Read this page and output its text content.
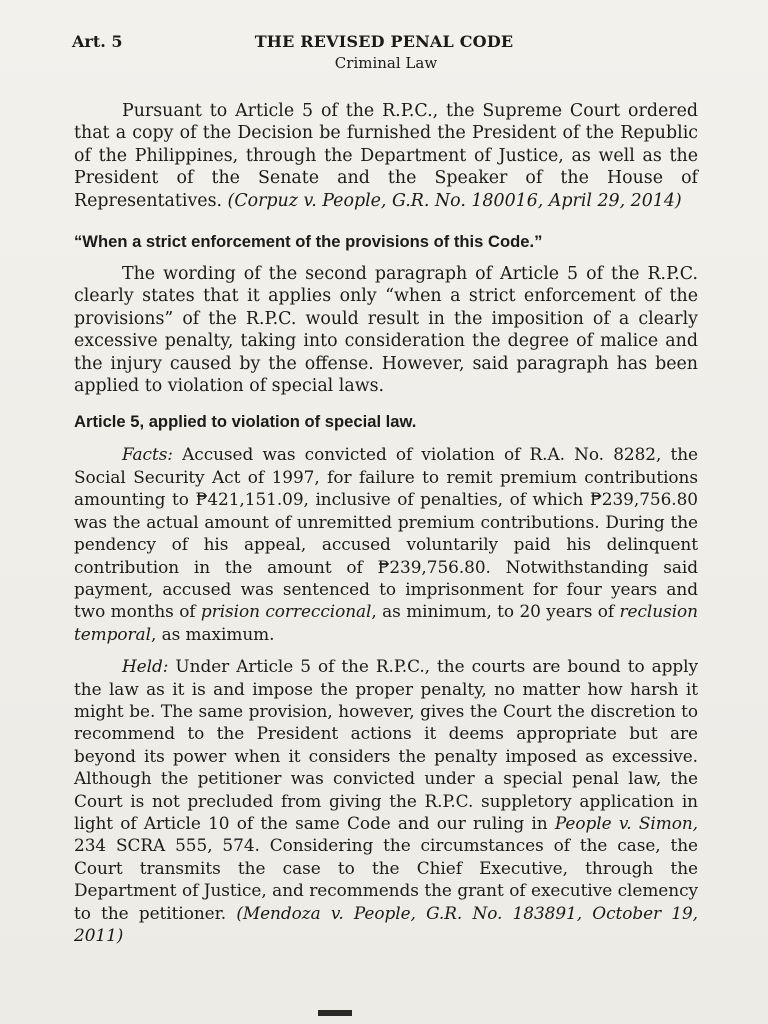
Art. 5	THE REVISED PENAL CODE
Criminal Law

Pursuant to Article 5 of the R.P.C., the Supreme Court ordered that a copy of the Decision be furnished the President of the Republic of the Philippines, through the Department of Justice, as well as the President of the Senate and the Speaker of the House of Representatives. (Corpuz v. People, G.R. No. 180016, April 29, 2014)

“When a strict enforcement of the provisions of this Code.”

The wording of the second paragraph of Article 5 of the R.P.C. clearly states that it applies only “when a strict enforcement of the provisions” of the R.P.C. would result in the imposition of a clearly excessive penalty, taking into consideration the degree of malice and the injury caused by the offense. However, said paragraph has been applied to violation of special laws.

Article 5, applied to violation of special law.

Facts: Accused was convicted of violation of R.A. No. 8282, the Social Security Act of 1997, for failure to remit premium contributions amounting to ₱421,151.09, inclusive of penalties, of which ₱239,756.80 was the actual amount of unremitted premium contributions. During the pendency of his appeal, accused voluntarily paid his delinquent contribution in the amount of ₱239,756.80. Notwithstanding said payment, accused was sentenced to imprisonment for four years and two months of prision correccional, as minimum, to 20 years of reclusion temporal, as maximum.

Held: Under Article 5 of the R.P.C., the courts are bound to apply the law as it is and impose the proper penalty, no matter how harsh it might be. The same provision, however, gives the Court the discretion to recommend to the President actions it deems appropriate but are beyond its power when it considers the penalty imposed as excessive. Although the petitioner was convicted under a special penal law, the Court is not precluded from giving the R.P.C. suppletory application in light of Article 10 of the same Code and our ruling in People v. Simon, 234 SCRA 555, 574. Considering the circumstances of the case, the Court transmits the case to the Chief Executive, through the Department of Justice, and recommends the grant of executive clemency to the petitioner. (Mendoza v. People, G.R. No. 183891, October 19, 2011)
